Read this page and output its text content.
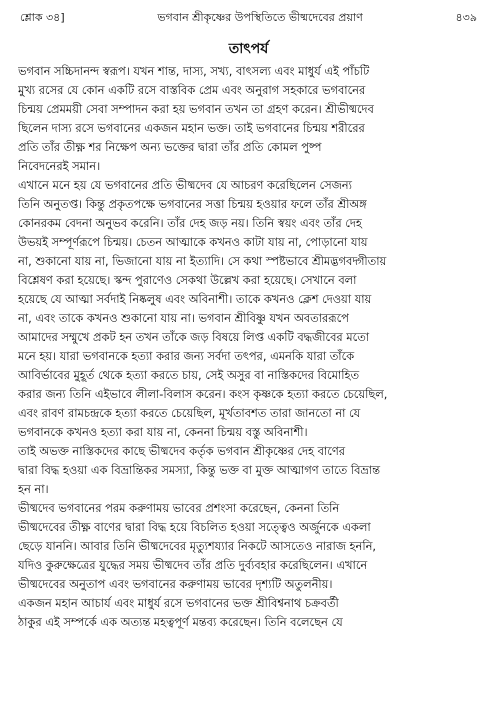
শ্লোক ৩৪]	ভগবান শ্রীকৃষ্ণের উপস্থিতিতে ভীষ্মদেবের প্রয়াণ	৪৩৯
তাৎপর্য
ভগবান সচ্চিদানন্দ স্বরূপ। যখন শান্ত, দাস্য, সখ্য, বাৎসল্য এবং মাধুর্য এই পাঁচটি
মুখ্য রসের যে কোন একটি রসে বাস্তবিক প্রেম এবং অনুরাগ সহকারে ভগবানের
চিন্ময় প্রেমময়ী সেবা সম্পাদন করা হয় ভগবান তখন তা গ্রহণ করেন। শ্রীভীষ্মদেব
ছিলেন দাস্য রসে ভগবানের একজন মহান ভক্ত। তাই ভগবানের চিন্ময় শরীরের
প্রতি তাঁর তীক্ষ্ণ শর নিক্ষেপ অন্য ভক্তের দ্বারা তাঁর প্রতি কোমল পুষ্প
নিবেদনেরই সমান।
এখানে মনে হয় যে ভগবানের প্রতি ভীষ্মদেব যে আচরণ করেছিলেন সেজন্য
তিনি অনুতপ্ত। কিন্তু প্রকৃতপক্ষে ভগবানের সত্তা চিন্ময় হওয়ার ফলে তাঁর শ্রীঅঙ্গ
কোনরকম বেদনা অনুভব করেনি। তাঁর দেহ জড় নয়। তিনি স্বয়ং এবং তাঁর দেহ
উভয়ই সম্পূর্ণরূপে চিন্ময়। চেতন আত্মাকে কখনও কাটা যায় না, পোড়ানো যায়
না, শুকানো যায় না, ভিজানো যায় না ইত্যাদি। সে কথা স্পষ্টভাবে শ্রীমদ্ভগবদ্গীতায়
বিশ্লেষণ করা হয়েছে। স্কন্দ পুরাণেও সেকথা উল্লেখ করা হয়েছে। সেখানে বলা
হয়েছে যে আত্মা সর্বদাই নিষ্কলুষ এবং অবিনাশী। তাকে কখনও ক্লেশ দেওয়া যায়
না, এবং তাকে কখনও শুকানো যায় না। ভগবান শ্রীবিষ্ণু যখন অবতাররূপে
আমাদের সম্মুখে প্রকট হন তখন তাঁকে জড় বিষয়ে লিপ্ত একটি বদ্ধজীবের মতো
মনে হয়। যারা ভগবানকে হত্যা করার জন্য সর্বদা তৎপর, এমনকি যারা তাঁকে
আবির্ভাবের মুহূর্ত থেকে হত্যা করতে চায়, সেই অসুর বা নাস্তিকদের বিমোহিত
করার জন্য তিনি এইভাবে লীলা-বিলাস করেন। কংস কৃষ্ণকে হত্যা করতে চেয়েছিল,
এবং রাবণ রামচন্দ্রকে হত্যা করতে চেয়েছিল, মূর্খতাবশত তারা জানতো না যে
ভগবানকে কখনও হত্যা করা যায় না, কেননা চিন্ময় বস্তু অবিনাশী।
তাই অভক্ত নাস্তিকদের কাছে ভীষ্মদেব কর্তৃক ভগবান শ্রীকৃষ্ণের দেহ বাণের
দ্বারা বিদ্ধ হওয়া এক বিভ্রান্তিকর সমস্যা, কিন্তু ভক্ত বা মুক্ত আত্মাগণ তাতে বিভ্রান্ত
হন না।
ভীষ্মদেব ভগবানের পরম করুণাময় ভাবের প্রশংসা করেছেন, কেননা তিনি
ভীষ্মদেবের তীক্ষ্ণ বাণের দ্বারা বিদ্ধ হয়ে বিচলিত হওয়া সত্ত্বেও অর্জুনকে একলা
ছেড়ে যাননি। আবার তিনি ভীষ্মদেবের মৃত্যুশয্যার নিকটে আসতেও নারাজ হননি,
যদিও কুরুক্ষেত্রের যুদ্ধের সময় ভীষ্মদেব তাঁর প্রতি দুর্ব্যবহার করেছিলেন। এখানে
ভীষ্মদেবের অনুতাপ এবং ভগবানের করুণাময় ভাবের দৃশ্যটি অতুলনীয়।
একজন মহান আচার্য এবং মাধুর্য রসে ভগবানের ভক্ত শ্রীবিশ্বনাথ চক্রবর্তী
ঠাকুর এই সম্পর্কে এক অত্যন্ত মহত্বপূর্ণ মন্তব্য করেছেন। তিনি বলেছেন যে
